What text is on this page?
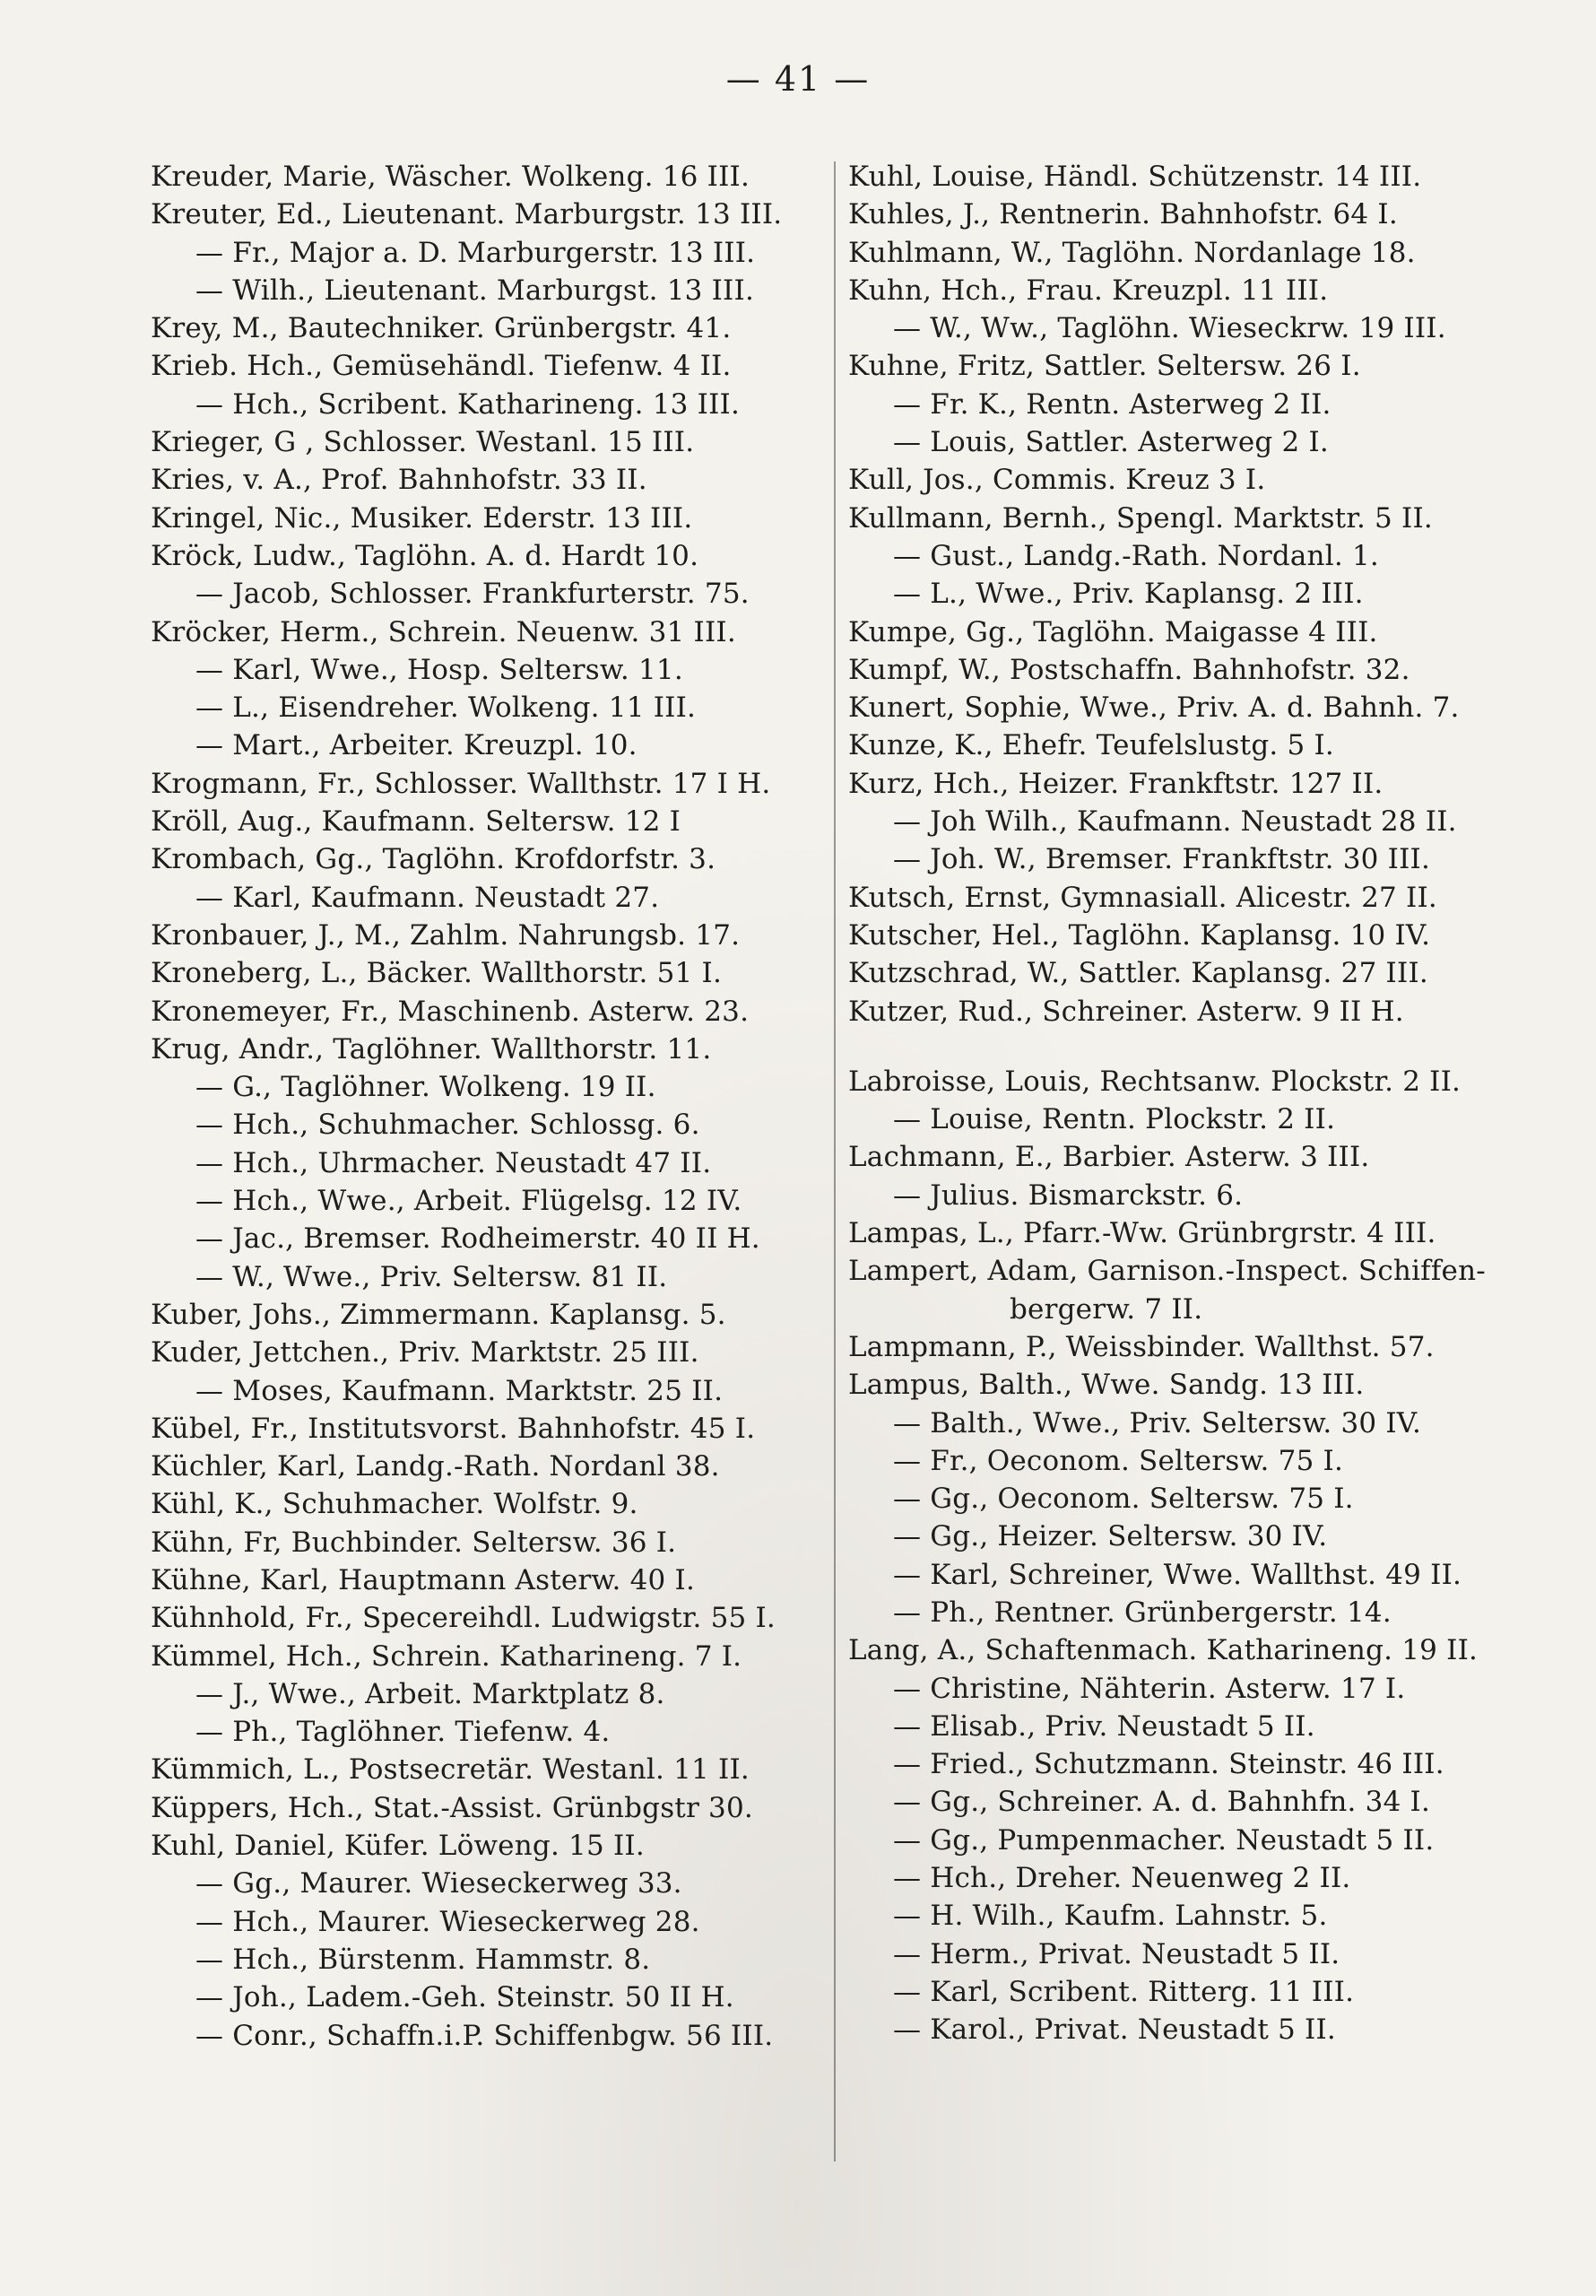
— 41 —
Kreuder, Marie, Wäscher. Wolkeng. 16 III.
Kreuter, Ed., Lieutenant. Marburgstr. 13 III.
— Fr., Major a. D. Marburgerstr. 13 III.
— Wilh., Lieutenant. Marburgst. 13 III.
Krey, M., Bautechniker. Grünbergstr. 41.
Krieb. Hch., Gemüsehändl. Tiefenw. 4 II.
— Hch., Scribent. Katharineng. 13 III.
Krieger, G , Schlosser. Westanl. 15 III.
Kries, v. A., Prof. Bahnhofstr. 33 II.
Kringel, Nic., Musiker. Ederstr. 13 III.
Kröck, Ludw., Taglöhn. A. d. Hardt 10.
— Jacob, Schlosser. Frankfurterstr. 75.
Kröcker, Herm., Schrein. Neuenw. 31 III.
— Karl, Wwe., Hosp. Seltersw. 11.
— L., Eisendreher. Wolkeng. 11 III.
— Mart., Arbeiter. Kreuzpl. 10.
Krogmann, Fr., Schlosser. Wallthstr. 17 I H.
Kröll, Aug., Kaufmann. Seltersw. 12 I
Krombach, Gg., Taglöhn. Krofdorfstr. 3.
— Karl, Kaufmann. Neustadt 27.
Kronbauer, J., M., Zahlm. Nahrungsb. 17.
Kroneberg, L., Bäcker. Wallthorstr. 51 I.
Kronemeyer, Fr., Maschinenb. Asterw. 23.
Krug, Andr., Taglöhner. Wallthorstr. 11.
— G., Taglöhner. Wolkeng. 19 II.
— Hch., Schuhmacher. Schlossg. 6.
— Hch., Uhrmacher. Neustadt 47 II.
— Hch., Wwe., Arbeit. Flügelsg. 12 IV.
— Jac., Bremser. Rodheimerstr. 40 II H.
— W., Wwe., Priv. Seltersw. 81 II.
Kuber, Johs., Zimmermann. Kaplansg. 5.
Kuder, Jettchen., Priv. Marktstr. 25 III.
— Moses, Kaufmann. Marktstr. 25 II.
Kübel, Fr., Institutsvorst. Bahnhofstr. 45 I.
Küchler, Karl, Landg.-Rath. Nordanl 38.
Kühl, K., Schuhmacher. Wolfstr. 9.
Kühn, Fr, Buchbinder. Seltersw. 36 I.
Kühne, Karl, Hauptmann Asterw. 40 I.
Kühnhold, Fr., Specereihdl. Ludwigstr. 55 I.
Kümmel, Hch., Schrein. Katharineng. 7 I.
— J., Wwe., Arbeit. Marktplatz 8.
— Ph., Taglöhner. Tiefenw. 4.
Kümmich, L., Postsecretär. Westanl. 11 II.
Küppers, Hch., Stat.-Assist. Grünbgstr 30.
Kuhl, Daniel, Küfer. Löweng. 15 II.
— Gg., Maurer. Wieseckerweg 33.
— Hch., Maurer. Wieseckerweg 28.
— Hch., Bürstenm. Hammstr. 8.
— Joh., Ladem.-Geh. Steinstr. 50 II H.
— Conr., Schaffn.i.P. Schiffenbgw. 56 III.
Kuhl, Louise, Händl. Schützenstr. 14 III.
Kuhles, J., Rentnerin. Bahnhofstr. 64 I.
Kuhlmann, W., Taglöhn. Nordanlage 18.
Kuhn, Hch., Frau. Kreuzpl. 11 III.
— W., Ww., Taglöhn. Wieseckrw. 19 III.
Kuhne, Fritz, Sattler. Seltersw. 26 I.
— Fr. K., Rentn. Asterweg 2 II.
— Louis, Sattler. Asterweg 2 I.
Kull, Jos., Commis. Kreuz 3 I.
Kullmann, Bernh., Spengl. Marktstr. 5 II.
— Gust., Landg.-Rath. Nordanl. 1.
— L., Wwe., Priv. Kaplansg. 2 III.
Kumpe, Gg., Taglöhn. Maigasse 4 III.
Kumpf, W., Postschaffn. Bahnhofstr. 32.
Kunert, Sophie, Wwe., Priv. A. d. Bahnh. 7.
Kunze, K., Ehefr. Teufelslustg. 5 I.
Kurz, Hch., Heizer. Frankftstr. 127 II.
— Joh Wilh., Kaufmann. Neustadt 28 II.
— Joh. W., Bremser. Frankftstr. 30 III.
Kutsch, Ernst, Gymnasiall. Alicestr. 27 II.
Kutscher, Hel., Taglöhn. Kaplansg. 10 IV.
Kutzschrad, W., Sattler. Kaplansg. 27 III.
Kutzer, Rud., Schreiner. Asterw. 9 II H.
Labroisse, Louis, Rechtsanw. Plockstr. 2 II.
— Louise, Rentn. Plockstr. 2 II.
Lachmann, E., Barbier. Asterw. 3 III.
— Julius. Bismarckstr. 6.
Lampas, L., Pfarr.-Ww. Grünbrgrstr. 4 III.
Lampert, Adam, Garnison.-Inspect. Schiffen-
bergerw. 7 II.
Lampmann, P., Weissbinder. Wallthst. 57.
Lampus, Balth., Wwe. Sandg. 13 III.
— Balth., Wwe., Priv. Seltersw. 30 IV.
— Fr., Oeconom. Seltersw. 75 I.
— Gg., Oeconom. Seltersw. 75 I.
— Gg., Heizer. Seltersw. 30 IV.
— Karl, Schreiner, Wwe. Wallthst. 49 II.
— Ph., Rentner. Grünbergerstr. 14.
Lang, A., Schaftenmach. Katharineng. 19 II.
— Christine, Nähterin. Asterw. 17 I.
— Elisab., Priv. Neustadt 5 II.
— Fried., Schutzmann. Steinstr. 46 III.
— Gg., Schreiner. A. d. Bahnhfn. 34 I.
— Gg., Pumpenmacher. Neustadt 5 II.
— Hch., Dreher. Neuenweg 2 II.
— H. Wilh., Kaufm. Lahnstr. 5.
— Herm., Privat. Neustadt 5 II.
— Karl, Scribent. Ritterg. 11 III.
— Karol., Privat. Neustadt 5 II.
